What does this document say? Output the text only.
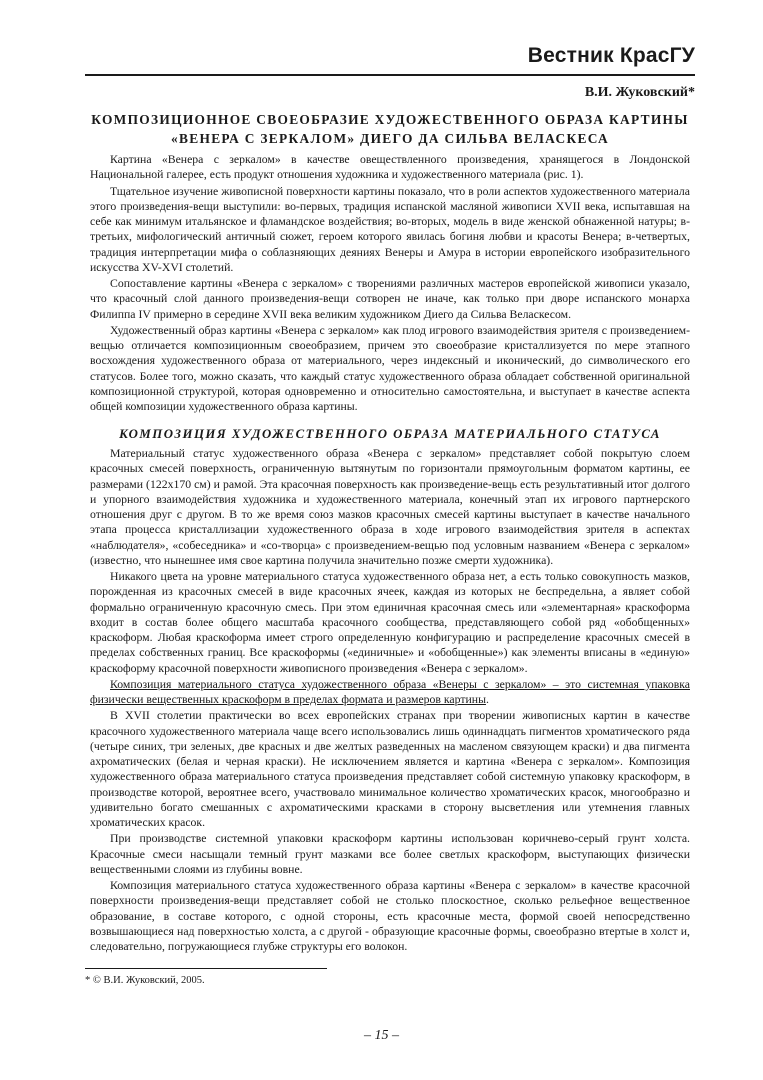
Вестник КрасГУ
В.И. Жуковский*
КОМПОЗИЦИОННОЕ СВОЕОБРАЗИЕ ХУДОЖЕСТВЕННОГО ОБРАЗА КАРТИНЫ
«ВЕНЕРА С ЗЕРКАЛОМ» ДИЕГО ДА СИЛЬВА ВЕЛАСКЕСА

Картина «Венера с зеркалом» в качестве овеществленного произведения, хранящегося в Лондонской Национальной галерее, есть продукт отношения художника и художественного материала (рис. 1).

Тщательное изучение живописной поверхности картины показало, что в роли аспектов художественного материала этого произведения-вещи выступили: во-первых, традиция испанской масляной живописи XVII века, испытавшая на себе как минимум итальянское и фламандское воздействия; во-вторых, модель в виде женской обнаженной натуры; в-третьих, мифологический античный сюжет, героем которого явилась богиня любви и красоты Венера; в-четвертых, традиция интерпретации мифа о соблазняющих деяниях Венеры и Амура в истории европейского изобразительного искусства XV-XVI столетий.

Сопоставление картины «Венера с зеркалом» с творениями различных мастеров европейской живописи указало, что красочный слой данного произведения-вещи сотворен не иначе, как только при дворе испанского монарха Филиппа IV примерно в середине XVII века великим художником Диего да Сильва Веласкесом.

Художественный образ картины «Венера с зеркалом» как плод игрового взаимодействия зрителя с произведением-вещью отличается композиционным своеобразием, причем это своеобразие кристаллизуется по мере этапного восхождения художественного образа от материального, через индексный и иконический, до символического его статусов. Более того, можно сказать, что каждый статус художественного образа обладает собственной оригинальной композиционной структурой, которая одновременно и относительно самостоятельна, и выступает в качестве аспекта общей композиции художественного образа картины.

КОМПОЗИЦИЯ ХУДОЖЕСТВЕННОГО ОБРАЗА МАТЕРИАЛЬНОГО СТАТУСА

Материальный статус художественного образа «Венера с зеркалом» представляет собой покрытую слоем красочных смесей поверхность, ограниченную вытянутым по горизонтали прямоугольным форматом картины, ее размерами (122х170 см) и рамой. Эта красочная поверхность как произведение-вещь есть результативный итог долгого и упорного взаимодействия художника и художественного материала, конечный этап их игрового партнерского отношения друг с другом. В то же время союз мазков красочных смесей картины выступает в качестве начального этапа процесса кристаллизации художественного образа в ходе игрового взаимодействия зрителя в аспектах «наблюдателя», «собеседника» и «со-творца» с произведением-вещью под условным названием «Венера с зеркалом» (известно, что нынешнее имя свое картина получила значительно позже смерти художника).

Никакого цвета на уровне материального статуса художественного образа нет, а есть только совокупность мазков, порожденная из красочных смесей в виде красочных ячеек, каждая из которых не беспредельна, а являет собой формально ограниченную красочную смесь. При этом единичная красочная смесь или «элементарная» краскоформа входит в состав более общего масштаба красочного сообщества, представляющего собой ряд «обобщенных» краскоформ. Любая краскоформа имеет строго определенную конфигурацию и распределение красочных смесей в пределах собственных границ. Все краскоформы («единичные» и «обобщенные») как элементы вписаны в «единую» краскоформу красочной поверхности живописного произведения «Венера с зеркалом».

Композиция материального статуса художественного образа «Венеры с зеркалом» – это системная упаковка физически вещественных краскоформ в пределах формата и размеров картины.

В XVII столетии практически во всех европейских странах при творении живописных картин в качестве красочного художественного материала чаще всего использовались лишь одиннадцать пигментов хроматического ряда (четыре синих, три зеленых, две красных и две желтых разведенных на масленом связующем краски) и два пигмента ахроматических (белая и черная краски). Не исключением является и картина «Венера с зеркалом». Композиция художественного образа материального статуса произведения представляет собой системную упаковку краскоформ, в производстве которой, вероятнее всего, участвовало минимальное количество хроматических красок, многообразно и удивительно богато смешанных с ахроматическими красками в сторону высветления или утемнения главных хроматических красок.

При производстве системной упаковки краскоформ картины использован коричнево-серый грунт холста. Красочные смеси насыщали темный грунт мазками все более светлых краскоформ, выступающих физически вещественными слоями из глубины вовне.

Композиция материального статуса художественного образа картины «Венера с зеркалом» в качестве красочной поверхности произведения-вещи представляет собой не столько плоскостное, сколько рельефное вещественное образование, в составе которого, с одной стороны, есть красочные места, формой своей непосредственно возвышающиеся над поверхностью холста, а с другой - образующие красочные формы, своеобразно втертые в холст и, следовательно, погружающиеся глубже структуры его волокон.

* © В.И. Жуковский, 2005.
– 15 –
